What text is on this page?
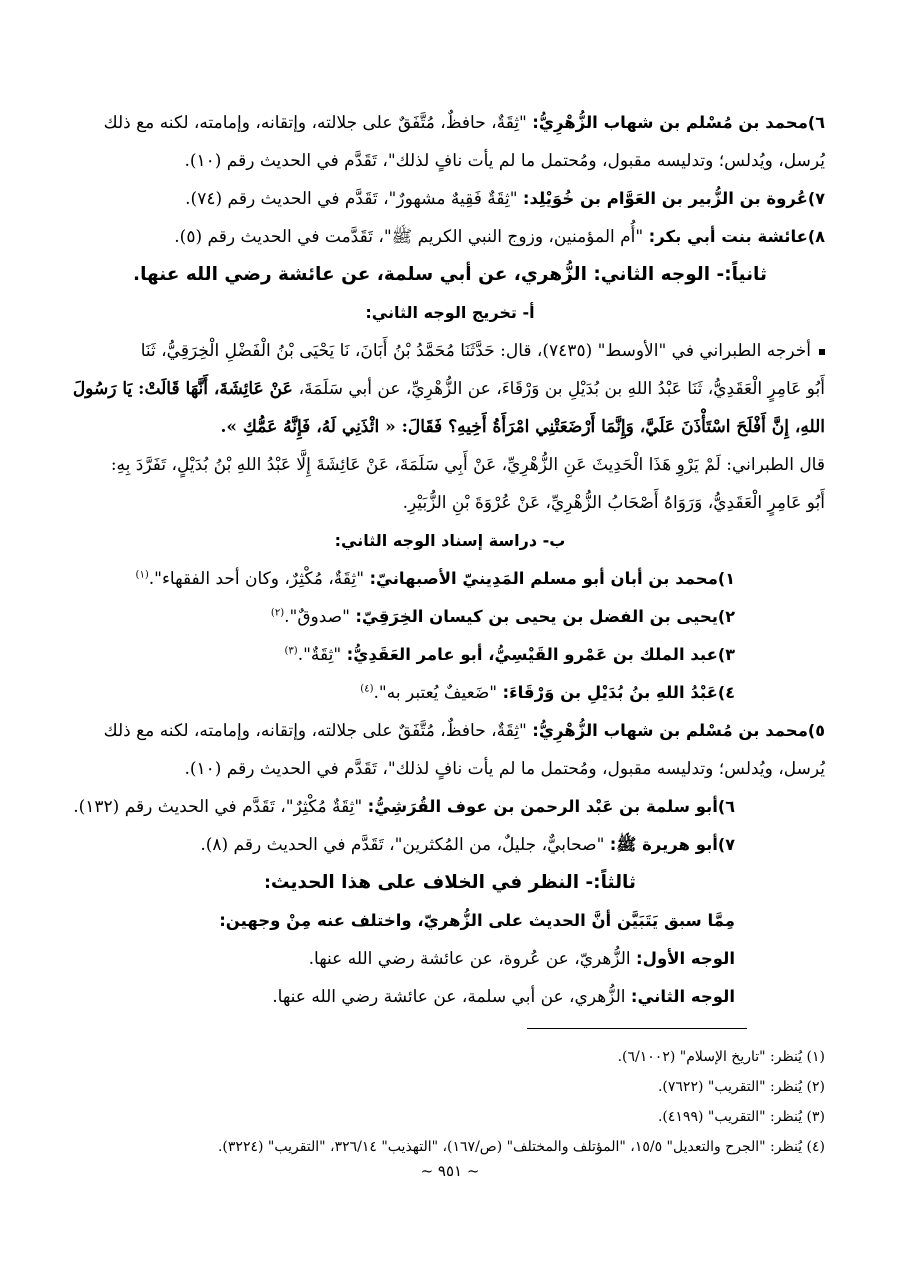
٦)محمد بن مُسْلم بن شهاب الزُّهْرِيُّ: "ثِقَةٌ، حافظٌ، مُتَّفَقٌ على جلالته، وإتقانه، وإمامته، لكنه مع ذلك

يُرسل، ويُدلس؛ وتدليسه مقبول، ومُحتمل ما لم يأت نافٍ لذلك"، تَقَدَّم في الحديث رقم (١٠).

٧)عُروة بن الزُّبير بن العَوَّام بن خُوَيْلِد: "ثِقَةٌ فَقِيهٌ مشهورٌ"، تَقَدَّم في الحديث رقم (٧٤).

٨)عائشة بنت أبي بكر: "أُم المؤمنين، وزوج النبي الكريم ﷺ"، تَقَدَّمت في الحديث رقم (٥).

ثانياً:- الوجه الثاني: الزُّهري، عن أبي سلمة، عن عائشة رضي الله عنها.

أ- تخريج الوجه الثاني:

أخرجه الطبراني في "الأوسط" (٧٤٣٥)، قال: حَدَّثَنَا مُحَمَّدُ بْنُ أَبَانَ، نَا يَحْيَى بْنُ الْفَضْلِ الْخِرَقِيُّ، ثَنَا

أَبُو عَامِرٍ الْعَقَدِيُّ، ثَنَا عَبْدُ اللهِ بن بُدَيْلِ بن وَرْقَاءَ، عن الزُّهْرِيِّ، عن أبي سَلَمَةَ، عَنْ عَائِشَةَ، أَنَّهَا قَالَتْ: يَا رَسُولَ

اللهِ، إِنَّ أَفْلَحَ اسْتَأْذَنَ عَلَيَّ، وَإِنَّمَا أَرْضَعَتْنِي امْرَأَةُ أَخِيهِ؟ فَقَالَ: « ائْذَنِي لَهُ، فَإِنَّهُ عَمُّكِ ».

قال الطبراني: لَمْ يَرْوِ هَذَا الْحَدِيثَ عَنِ الزُّهْرِيِّ، عَنْ أَبِي سَلَمَةَ، عَنْ عَائِشَةَ إِلَّا عَبْدُ اللهِ بْنُ بُدَيْلٍ، تَفَرَّدَ بِهِ:

أَبُو عَامِرٍ الْعَقَدِيُّ، وَرَوَاهُ أَصْحَابُ الزُّهْرِيِّ، عَنْ عُرْوَةَ بْنِ الزُّبَيْرِ.

ب- دراسة إسناد الوجه الثاني:

١)محمد بن أبان أبو مسلم المَدِينيّ الأصبهانيّ: "ثِقَةٌ، مُكْثِرٌ، وكان أحد الفقهاء".$^{(١)}$

٢)يحيى بن الفضل بن يحيى بن كيسان الخِرَقِيّ: "صدوقٌ".$^{(٢)}$

٣)عبد الملك بن عَمْرو القَيْسِيُّ، أبو عامر العَقَدِيُّ: "ثِقَةٌ".$^{(٣)}$

٤)عَبْدُ اللهِ بنُ بُدَيْلِ بن وَرْقَاءَ: "ضَعيفٌ يُعتبر به".$^{(٤)}$

٥)محمد بن مُسْلم بن شهاب الزُّهْرِيُّ: "ثِقَةٌ، حافظٌ، مُتَّفَقٌ على جلالته، وإتقانه، وإمامته، لكنه مع ذلك

يُرسل، ويُدلس؛ وتدليسه مقبول، ومُحتمل ما لم يأت نافٍ لذلك"، تَقَدَّم في الحديث رقم (١٠).

٦)أبو سلمة بن عَبْد الرحمن بن عوف القُرَشِيُّ: "ثِقَةٌ مُكْثِرٌ"، تَقَدَّم في الحديث رقم (١٣٢).

٧)أبو هريرة ﷺ: "صحابيٌّ، جليلٌ، من المُكثرين"، تَقَدَّم في الحديث رقم (٨).

ثالثاً:- النظر في الخلاف على هذا الحديث:

مِمَّا سبق يَتَبَيَّن أنَّ الحديث على الزُّهريّ، واختلف عنه مِنْ وجهين:

الوجه الأول: الزُّهريّ، عن عُروة، عن عائشة رضي الله عنها.

الوجه الثاني: الزُّهري، عن أبي سلمة، عن عائشة رضي الله عنها.

(١) يُنظر: "تاريخ الإسلام" (٦/١٠٠٢).

(٢) يُنظر: "التقريب" (٧٦٢٢).

(٣) يُنظر: "التقريب" (٤١٩٩).

(٤) يُنظر: "الجرح والتعديل" ١٥/٥، "المؤتلف والمختلف" (ص/١٦٧)، "التهذيب" ٣٢٦/١٤، "التقريب" (٣٢٢٤).

~ ٩٥١ ~
